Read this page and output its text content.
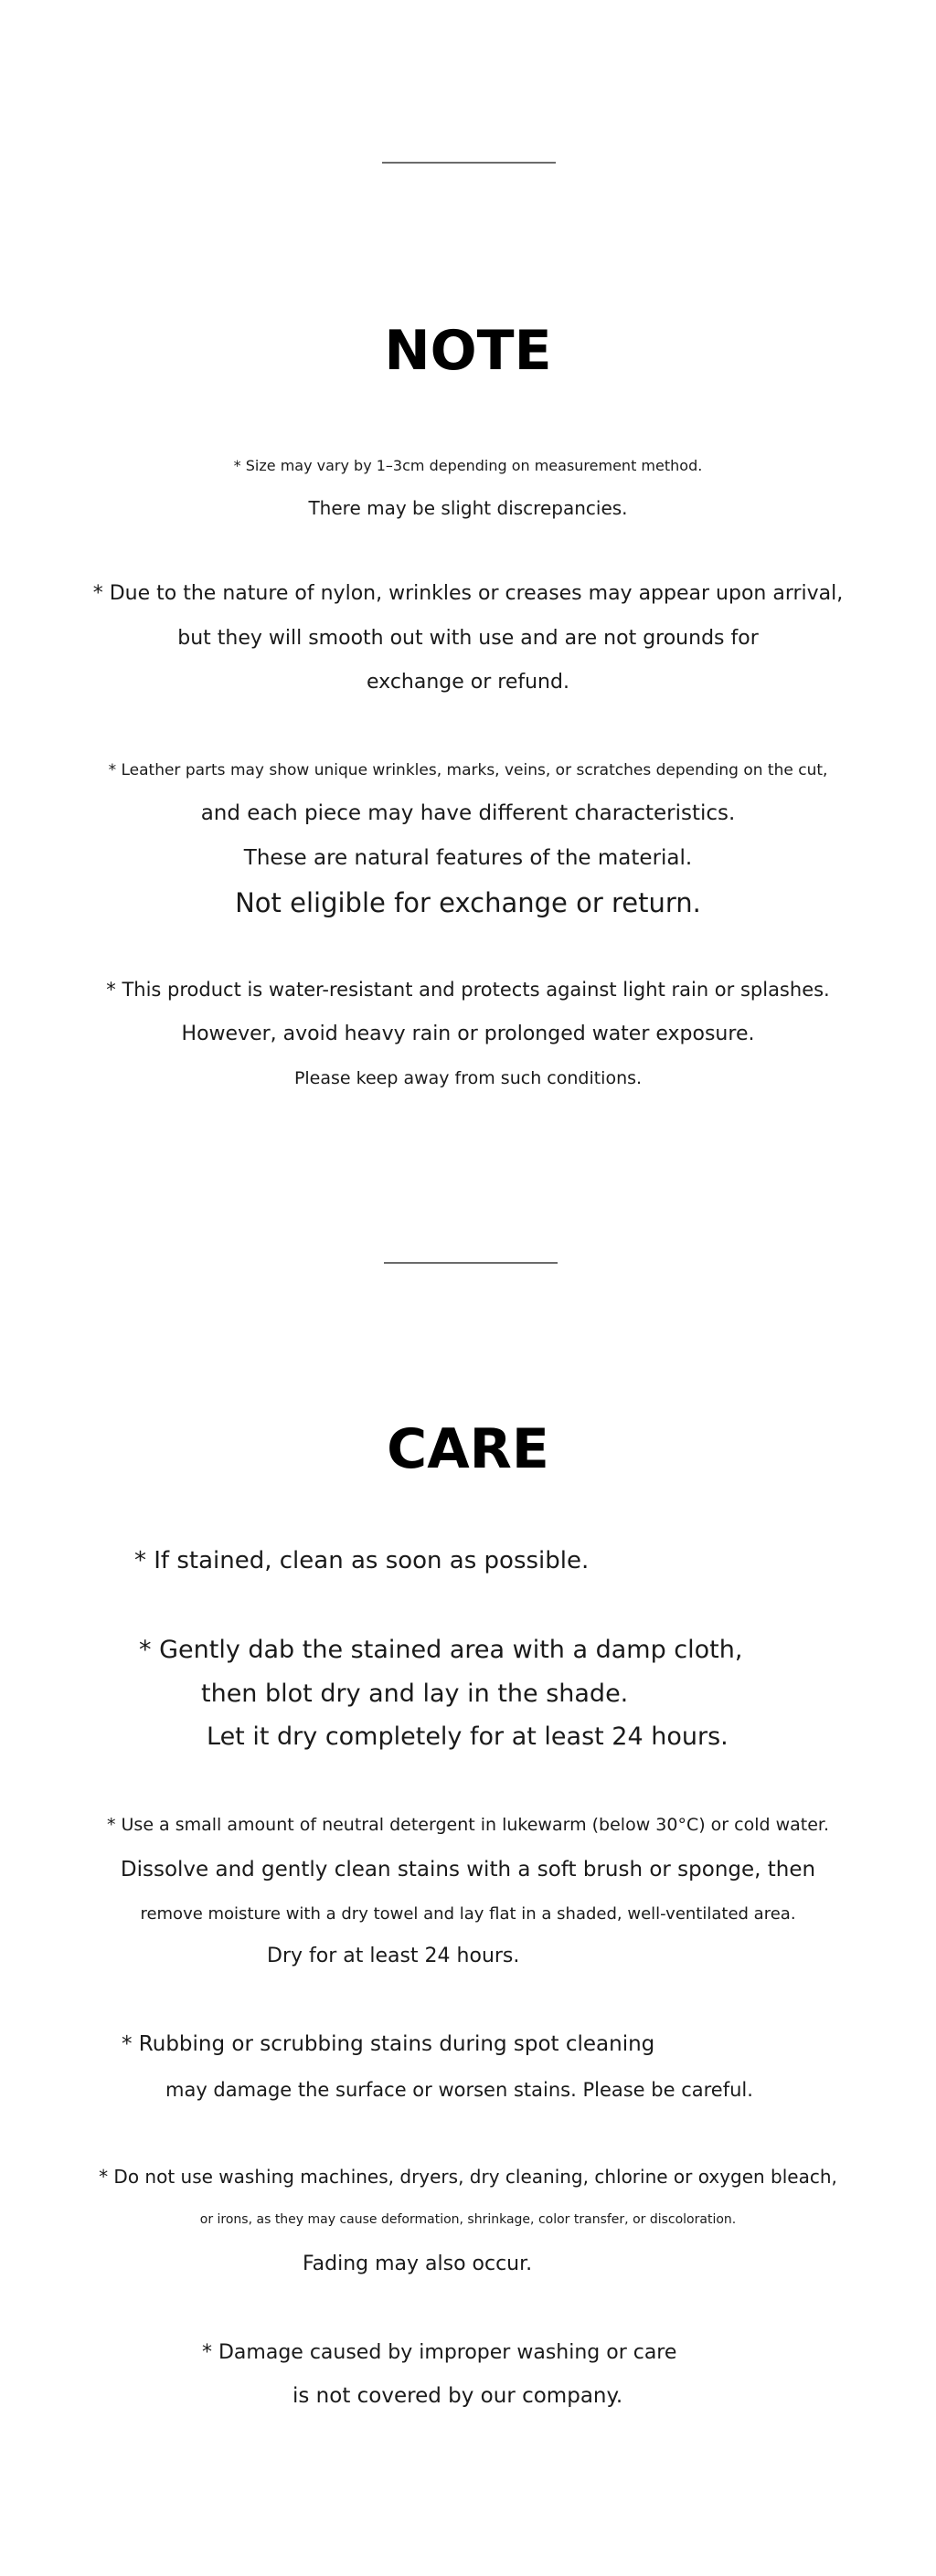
NOTE

* Size may vary by 1–3cm depending on measurement method.

There may be slight discrepancies.

* Due to the nature of nylon, wrinkles or creases may appear upon arrival,

but they will smooth out with use and are not grounds for

exchange or refund.

* Leather parts may show unique wrinkles, marks, veins, or scratches depending on the cut,

and each piece may have different characteristics.

These are natural features of the material.

Not eligible for exchange or return.

* This product is water-resistant and protects against light rain or splashes.

However, avoid heavy rain or prolonged water exposure.

Please keep away from such conditions.

CARE

* If stained, clean as soon as possible.

* Gently dab the stained area with a damp cloth,

then blot dry and lay in the shade.

Let it dry completely for at least 24 hours.

* Use a small amount of neutral detergent in lukewarm (below 30°C) or cold water.

Dissolve and gently clean stains with a soft brush or sponge, then

remove moisture with a dry towel and lay flat in a shaded, well-ventilated area.

Dry for at least 24 hours.

* Rubbing or scrubbing stains during spot cleaning

may damage the surface or worsen stains. Please be careful.

* Do not use washing machines, dryers, dry cleaning, chlorine or oxygen bleach,

or irons, as they may cause deformation, shrinkage, color transfer, or discoloration.

Fading may also occur.

* Damage caused by improper washing or care

is not covered by our company.
